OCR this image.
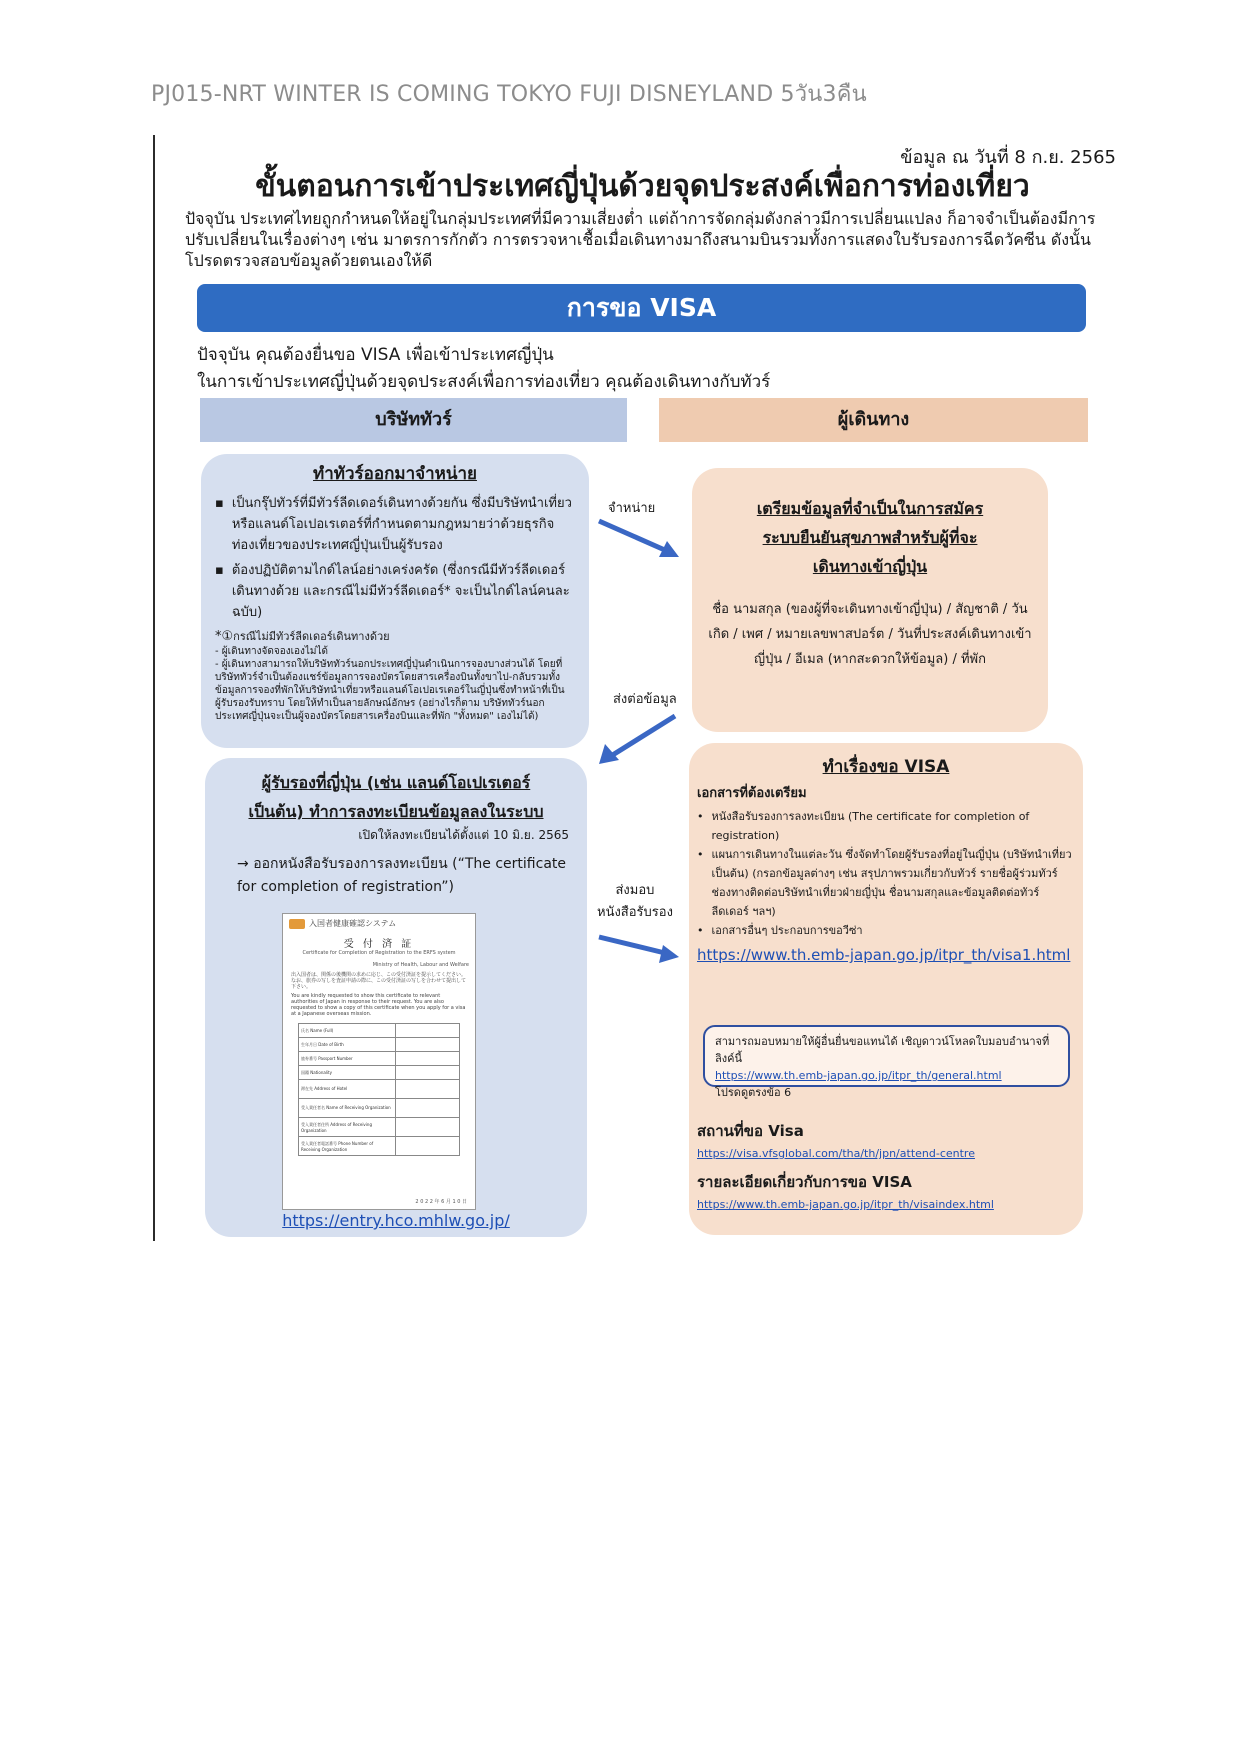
PJ015-NRT WINTER IS COMING TOKYO FUJI DISNEYLAND 5วัน3คืน
ข้อมูล ณ วันที่ 8 ก.ย. 2565
ขั้นตอนการเข้าประเทศญี่ปุ่นด้วยจุดประสงค์เพื่อการท่องเที่ยว
ปัจจุบัน ประเทศไทยถูกกำหนดให้อยู่ในกลุ่มประเทศที่มีความเสี่ยงต่ำ แต่ถ้าการจัดกลุ่มดังกล่าวมีการเปลี่ยนแปลง ก็อาจจำเป็นต้องมีการปรับเปลี่ยนในเรื่องต่างๆ เช่น มาตรการกักตัว การตรวจหาเชื้อเมื่อเดินทางมาถึงสนามบินรวมทั้งการแสดงใบรับรองการฉีดวัคซีน ดังนั้นโปรดตรวจสอบข้อมูลด้วยตนเองให้ดี
การขอ VISA
ปัจจุบัน คุณต้องยื่นขอ VISA เพื่อเข้าประเทศญี่ปุ่น
ในการเข้าประเทศญี่ปุ่นด้วยจุดประสงค์เพื่อการท่องเที่ยว คุณต้องเดินทางกับทัวร์
บริษัททัวร์	ผู้เดินทาง
ทำทัวร์ออกมาจำหน่าย
▪ เป็นกรุ๊ปทัวร์ที่มีทัวร์ลีดเดอร์เดินทางด้วยกัน ซึ่งมีบริษัทนำเที่ยวหรือแลนด์โอเปอเรเตอร์ที่กำหนดตามกฎหมายว่าด้วยธุรกิจท่องเที่ยวของประเทศญี่ปุ่นเป็นผู้รับรอง
▪ ต้องปฏิบัติตามไกด์ไลน์อย่างเคร่งครัด (ซึ่งกรณีมีทัวร์ลีดเดอร์เดินทางด้วย และกรณีไม่มีทัวร์ลีดเดอร์* จะเป็นไกด์ไลน์คนละฉบับ)
*①กรณีไม่มีทัวร์ลีดเดอร์เดินทางด้วย
- ผู้เดินทางจัดจองเองไม่ได้
- ผู้เดินทางสามารถให้บริษัททัวร์นอกประเทศญี่ปุ่นดำเนินการจองบางส่วนได้ โดยที่บริษัททัวร์จำเป็นต้องแชร์ข้อมูลการจองบัตรโดยสารเครื่องบินทั้งขาไป-กลับรวมทั้งข้อมูลการจองที่พักให้บริษัทนำเที่ยวหรือแลนด์โอเปอเรเตอร์ในญี่ปุ่นซึ่งทำหน้าที่เป็นผู้รับรองรับทราบ โดยให้ทำเป็นลายลักษณ์อักษร (อย่างไรก็ตาม บริษัททัวร์นอกประเทศญี่ปุ่นจะเป็นผู้จองบัตรโดยสารเครื่องบินและที่พัก "ทั้งหมด" เองไม่ได้)
จำหน่าย
ส่งต่อข้อมูล
ส่งมอบ
หนังสือรับรอง
เตรียมข้อมูลที่จำเป็นในการสมัคร
ระบบยืนยันสุขภาพสำหรับผู้ที่จะ
เดินทางเข้าญี่ปุ่น
ชื่อ นามสกุล (ของผู้ที่จะเดินทางเข้าญี่ปุ่น) / สัญชาติ / วันเกิด / เพศ / หมายเลขพาสปอร์ต / วันที่ประสงค์เดินทางเข้าญี่ปุ่น / อีเมล (หากสะดวกให้ข้อมูล) / ที่พัก
ผู้รับรองที่ญี่ปุ่น (เช่น แลนด์โอเปเรเตอร์
เป็นต้น) ทำการลงทะเบียนข้อมูลลงในระบบ
เปิดให้ลงทะเบียนได้ตั้งแต่ 10 มิ.ย. 2565
→ ออกหนังสือรับรองการลงทะเบียน (“The certificate for completion of registration”)
入国者健康確認システム
受 付 済 証
Certificate for Completion of Registration to the ERFS system
Ministry of Health, Labour and Welfare
出入国者は、関係の後機関の求めに応じ、この受付済証を提示してください。なお、旅券の写しを査証申請の際に、この受付済証の写しを合わせて提出して下さい。
You are kindly requested to show this certificate to relevant authorities of Japan in response to their request. You are also requested to show a copy of this certificate when you apply for a visa at a Japanese overseas mission.
氏名 Name (Full)	
生年月日 Date of Birth	
旅券番号 Passport Number	
国籍 Nationality	
滞在先 Address of Hotel	
受入責任者名 Name of Receiving Organization	
受入責任者住所 Address of Receiving Organization	
受入責任者電話番号 Phone Number of Receiving Organization	
2 0 2 2 年 6 月 1 0 日
https://entry.hco.mhlw.go.jp/
ทำเรื่องขอ VISA
เอกสารที่ต้องเตรียม
• หนังสือรับรองการลงทะเบียน (The certificate for completion of registration)
• แผนการเดินทางในแต่ละวัน ซึ่งจัดทำโดยผู้รับรองที่อยู่ในญี่ปุ่น (บริษัทนำเที่ยว เป็นต้น) (กรอกข้อมูลต่างๆ เช่น สรุปภาพรวมเกี่ยวกับทัวร์ รายชื่อผู้ร่วมทัวร์ ช่องทางติดต่อบริษัทนำเที่ยวฝ่ายญี่ปุ่น ชื่อนามสกุลและข้อมูลติดต่อทัวร์ลีดเดอร์ ฯลฯ)
• เอกสารอื่นๆ ประกอบการขอวีซ่า
https://www.th.emb-japan.go.jp/itpr_th/visa1.html
สามารถมอบหมายให้ผู้อื่นยื่นขอแทนได้ เชิญดาวน์โหลดใบมอบอำนาจที่ลิงค์นี้
https://www.th.emb-japan.go.jp/itpr_th/general.html
โปรดดูตรงข้อ 6
สถานที่ขอ Visa
https://visa.vfsglobal.com/tha/th/jpn/attend-centre
รายละเอียดเกี่ยวกับการขอ VISA
https://www.th.emb-japan.go.jp/itpr_th/visaindex.html
